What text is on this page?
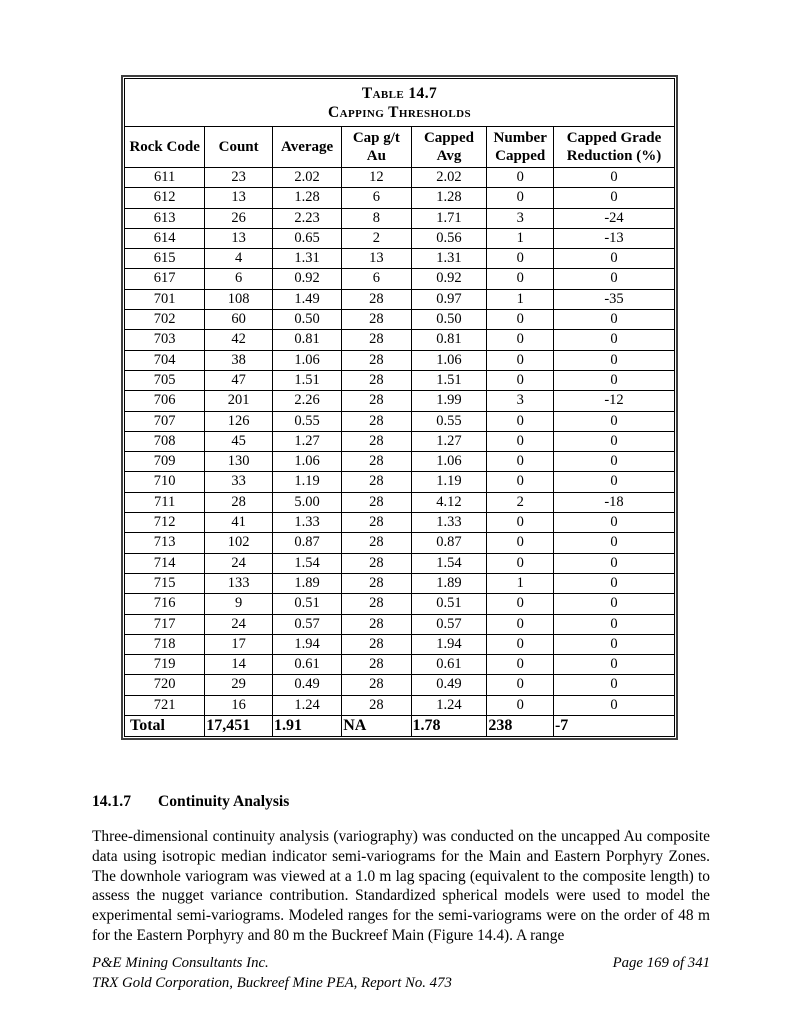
Table 14.7
Capping Thresholds						

Rock Code	Count	Average	Cap g/t Au	Capped Avg	Number Capped	Capped Grade Reduction (%)
611	23	2.02	12	2.02	0	0
612	13	1.28	6	1.28	0	0
613	26	2.23	8	1.71	3	-24
614	13	0.65	2	0.56	1	-13
615	4	1.31	13	1.31	0	0
617	6	0.92	6	0.92	0	0
701	108	1.49	28	0.97	1	-35
702	60	0.50	28	0.50	0	0
703	42	0.81	28	0.81	0	0
704	38	1.06	28	1.06	0	0
705	47	1.51	28	1.51	0	0
706	201	2.26	28	1.99	3	-12
707	126	0.55	28	0.55	0	0
708	45	1.27	28	1.27	0	0
709	130	1.06	28	1.06	0	0
710	33	1.19	28	1.19	0	0
711	28	5.00	28	4.12	2	-18
712	41	1.33	28	1.33	0	0
713	102	0.87	28	0.87	0	0
714	24	1.54	28	1.54	0	0
715	133	1.89	28	1.89	1	0
716	9	0.51	28	0.51	0	0
717	24	0.57	28	0.57	0	0
718	17	1.94	28	1.94	0	0
719	14	0.61	28	0.61	0	0
720	29	0.49	28	0.49	0	0
721	16	1.24	28	1.24	0	0
Total	17,451	1.91	NA	1.78	238	-7
14.1.7 Continuity Analysis
Three-dimensional continuity analysis (variography) was conducted on the uncapped Au composite data using isotropic median indicator semi-variograms for the Main and Eastern Porphyry Zones. The downhole variogram was viewed at a 1.0 m lag spacing (equivalent to the composite length) to assess the nugget variance contribution. Standardized spherical models were used to model the experimental semi-variograms. Modeled ranges for the semi-variograms were on the order of 48 m for the Eastern Porphyry and 80 m the Buckreef Main (Figure 14.4). A range
P&E Mining Consultants Inc.	Page 169 of 341
TRX Gold Corporation, Buckreef Mine PEA, Report No. 473
